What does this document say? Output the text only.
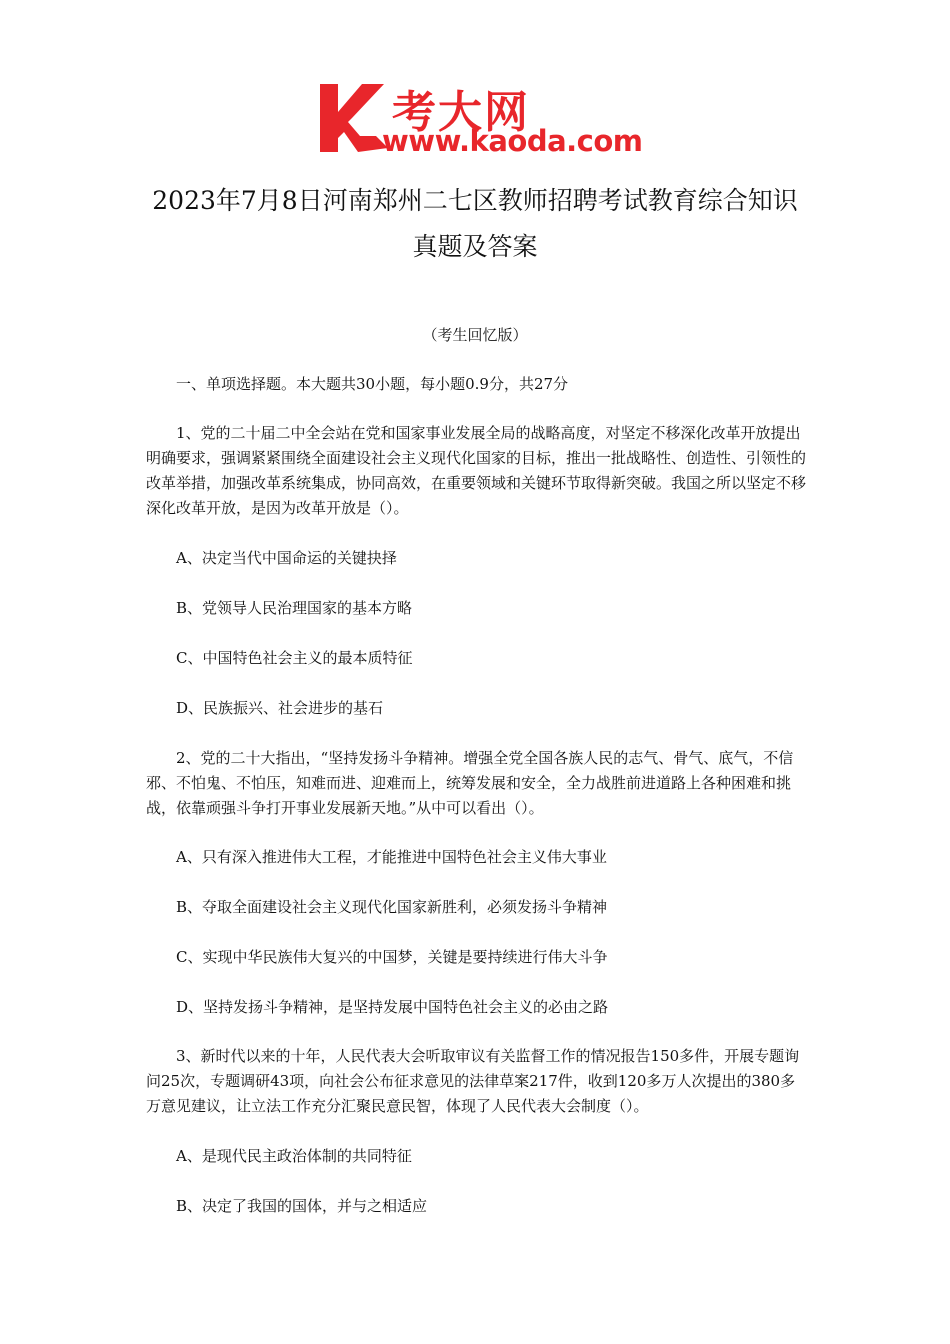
考大网
www.kaoda.com
2023年7月8日河南郑州二七区教师招聘考试教育综合知识真题及答案
（考生回忆版）
一、单项选择题。本大题共30小题，每小题0.9分，共27分
1、党的二十届二中全会站在党和国家事业发展全局的战略高度，对坚定不移深化改革开放提出明确要求，强调紧紧围绕全面建设社会主义现代化国家的目标，推出一批战略性、创造性、引领性的改革举措，加强改革系统集成，协同高效，在重要领域和关键环节取得新突破。我国之所以坚定不移深化改革开放，是因为改革开放是（）。
A、决定当代中国命运的关键抉择
B、党领导人民治理国家的基本方略
C、中国特色社会主义的最本质特征
D、民族振兴、社会进步的基石
2、党的二十大指出，“坚持发扬斗争精神。增强全党全国各族人民的志气、骨气、底气，不信邪、不怕鬼、不怕压，知难而进、迎难而上，统筹发展和安全，全力战胜前进道路上各种困难和挑战，依靠顽强斗争打开事业发展新天地。”从中可以看出（）。
A、只有深入推进伟大工程，才能推进中国特色社会主义伟大事业
B、夺取全面建设社会主义现代化国家新胜利，必须发扬斗争精神
C、实现中华民族伟大复兴的中国梦，关键是要持续进行伟大斗争
D、坚持发扬斗争精神，是坚持发展中国特色社会主义的必由之路
3、新时代以来的十年，人民代表大会听取审议有关监督工作的情况报告150多件，开展专题询问25次，专题调研43项，向社会公布征求意见的法律草案217件，收到120多万人次提出的380多万意见建议，让立法工作充分汇聚民意民智，体现了人民代表大会制度（）。
A、是现代民主政治体制的共同特征
B、决定了我国的国体，并与之相适应
